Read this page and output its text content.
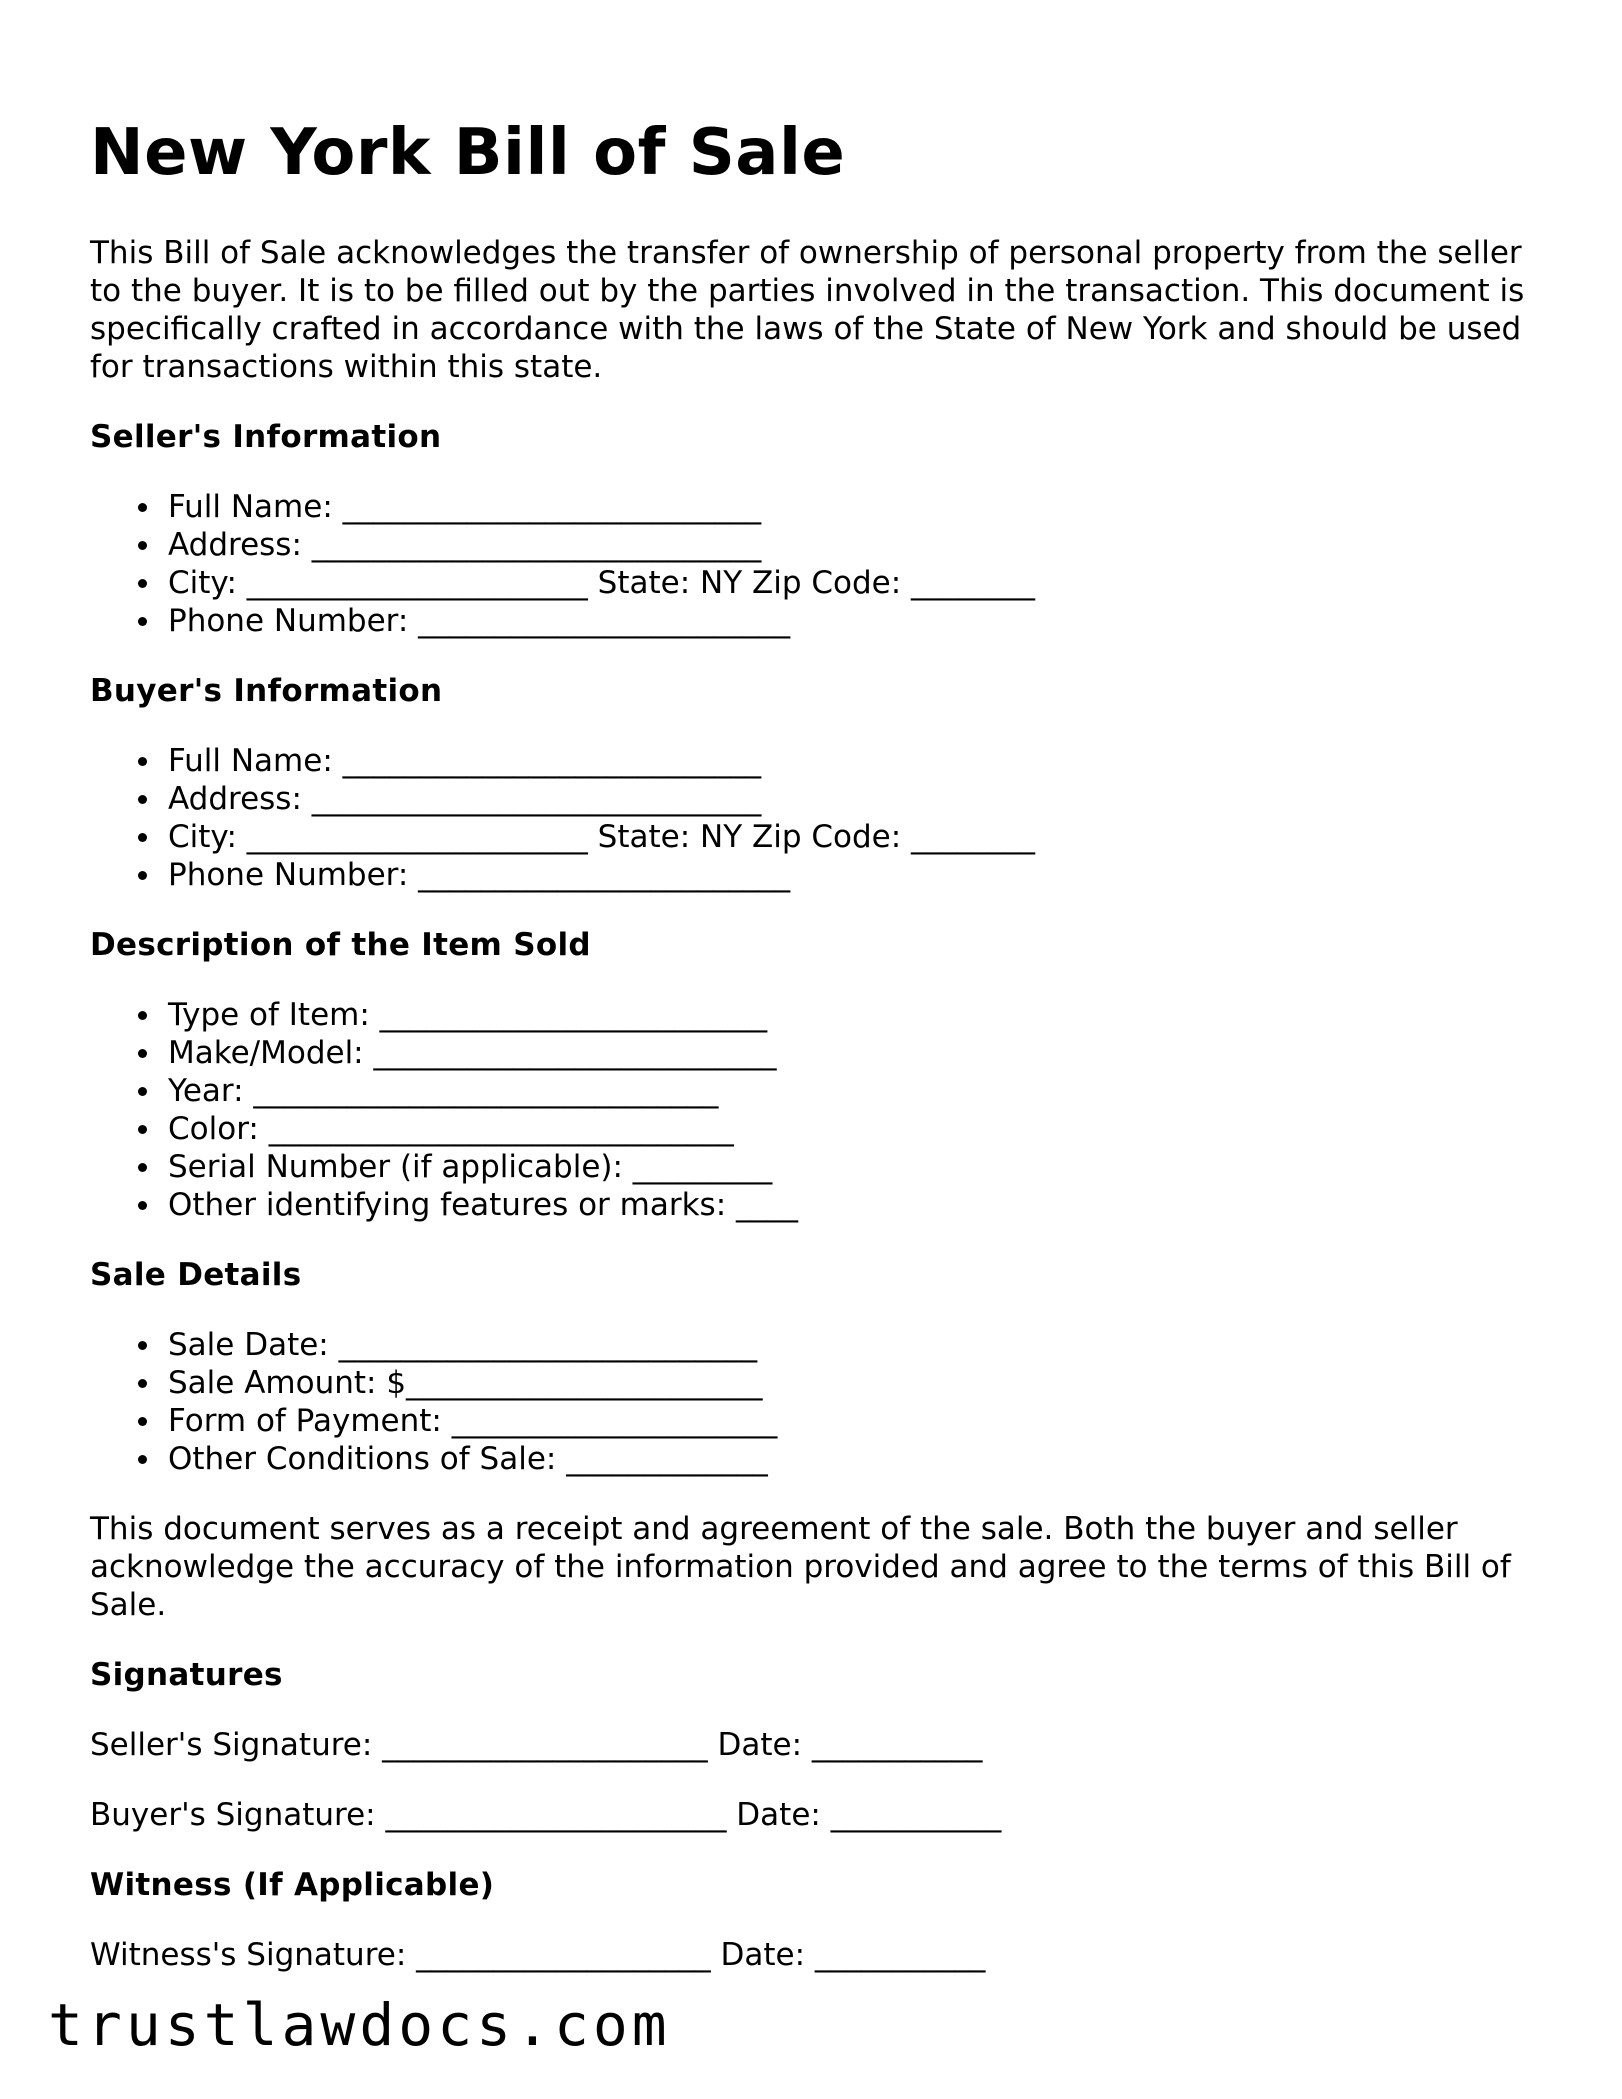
New York Bill of Sale

This Bill of Sale acknowledges the transfer of ownership of personal property from the seller to the buyer. It is to be filled out by the parties involved in the transaction. This document is specifically crafted in accordance with the laws of the State of New York and should be used for transactions within this state.

Seller's Information
Full Name: ___________________________
Address: _____________________________
City: ______________________ State: NY Zip Code: ________
Phone Number: ________________________
Buyer's Information
Full Name: ___________________________
Address: _____________________________
City: ______________________ State: NY Zip Code: ________
Phone Number: ________________________
Description of the Item Sold
Type of Item: _________________________
Make/Model: __________________________
Year: ______________________________
Color: ______________________________
Serial Number (if applicable): _________
Other identifying features or marks: ____
Sale Details
Sale Date: ___________________________
Sale Amount: $_______________________
Form of Payment: _____________________
Other Conditions of Sale: _____________

This document serves as a receipt and agreement of the sale. Both the buyer and seller acknowledge the accuracy of the information provided and agree to the terms of this Bill of Sale.

Signatures

Seller's Signature: _____________________ Date: ___________

Buyer's Signature: ______________________ Date: ___________

Witness (If Applicable)

Witness's Signature: ___________________ Date: ___________

trustlawdocs.com
